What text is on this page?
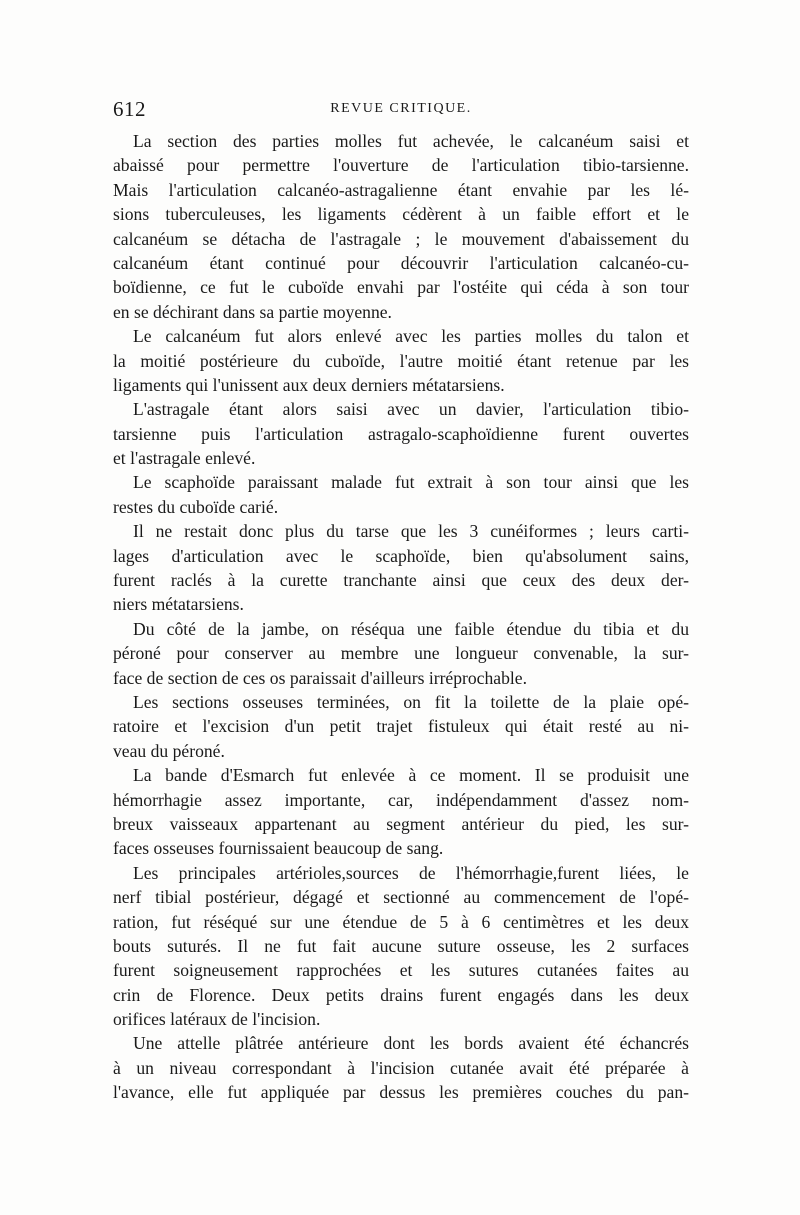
612	REVUE CRITIQUE.
La section des parties molles fut achevée, le calcanéum saisi et
abaissé pour permettre l'ouverture de l'articulation tibio-tarsienne.
Mais l'articulation calcanéo-astragalienne étant envahie par les lé-
sions tuberculeuses, les ligaments cédèrent à un faible effort et le
calcanéum se détacha de l'astragale ; le mouvement d'abaissement du
calcanéum étant continué pour découvrir l'articulation calcanéo-cu-
boïdienne, ce fut le cuboïde envahi par l'ostéite qui céda à son tour
en se déchirant dans sa partie moyenne.
Le calcanéum fut alors enlevé avec les parties molles du talon et
la moitié postérieure du cuboïde, l'autre moitié étant retenue par les
ligaments qui l'unissent aux deux derniers métatarsiens.
L'astragale étant alors saisi avec un davier, l'articulation tibio-
tarsienne puis l'articulation astragalo-scaphoïdienne furent ouvertes
et l'astragale enlevé.
Le scaphoïde paraissant malade fut extrait à son tour ainsi que les
restes du cuboïde carié.
Il ne restait donc plus du tarse que les 3 cunéiformes ; leurs carti-
lages d'articulation avec le scaphoïde, bien qu'absolument sains,
furent raclés à la curette tranchante ainsi que ceux des deux der-
niers métatarsiens.
Du côté de la jambe, on réséqua une faible étendue du tibia et du
péroné pour conserver au membre une longueur convenable, la sur-
face de section de ces os paraissait d'ailleurs irréprochable.
Les sections osseuses terminées, on fit la toilette de la plaie opé-
ratoire et l'excision d'un petit trajet fistuleux qui était resté au ni-
veau du péroné.
La bande d'Esmarch fut enlevée à ce moment. Il se produisit une
hémorrhagie assez importante, car, indépendamment d'assez nom-
breux vaisseaux appartenant au segment antérieur du pied, les sur-
faces osseuses fournissaient beaucoup de sang.
Les principales artérioles,sources de l'hémorrhagie,furent liées, le
nerf tibial postérieur, dégagé et sectionné au commencement de l'opé-
ration, fut réséqué sur une étendue de 5 à 6 centimètres et les deux
bouts suturés. Il ne fut fait aucune suture osseuse, les 2 surfaces
furent soigneusement rapprochées et les sutures cutanées faites au
crin de Florence. Deux petits drains furent engagés dans les deux
orifices latéraux de l'incision.
Une attelle plâtrée antérieure dont les bords avaient été échancrés
à un niveau correspondant à l'incision cutanée avait été préparée à
l'avance, elle fut appliquée par dessus les premières couches du pan-
